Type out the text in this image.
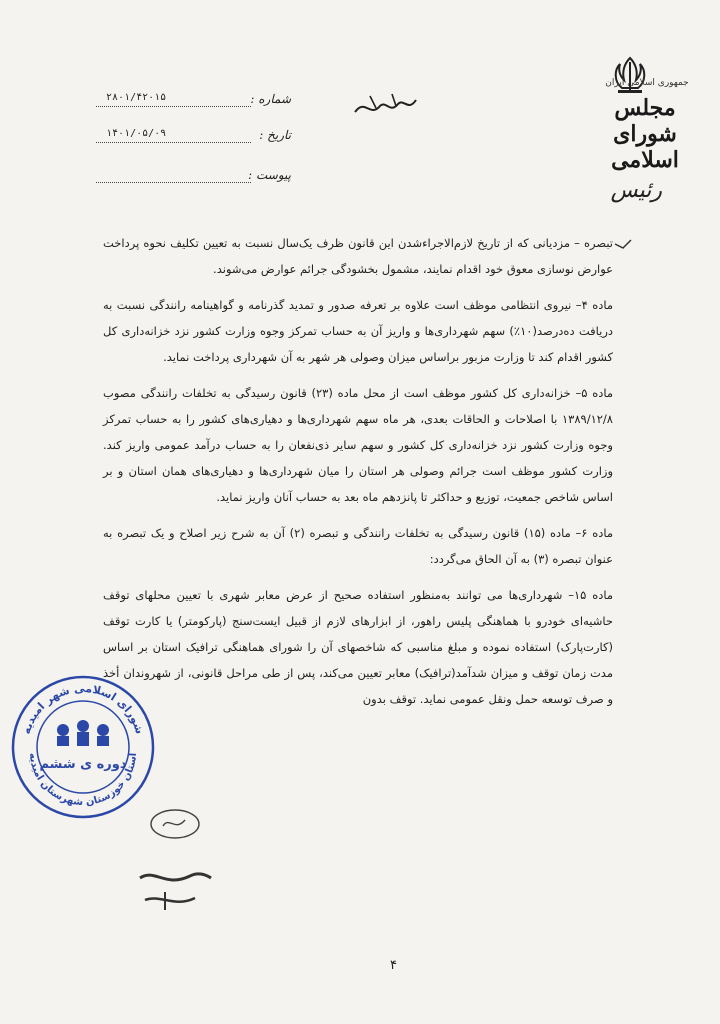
جمهوری اسلامی ایران
مجلس شورای اسلامی
رئیس
شماره :
۲۸۰۱/۴۲۰۱۵
تاریخ :
۱۴۰۱/۰۵/۰۹
پیوست :

تبصره – مزدیانی که از تاریخ لازم‌الاجراءشدن این قانون ظرف یک‌سال نسبت به تعیین تکلیف نحوه پرداخت عوارض نوسازی معوق خود اقدام نمایند، مشمول بخشودگی جرائم عوارض می‌شوند.

ماده ۴– نیروی انتظامی موظف است علاوه بر تعرفه صدور و تمدید گذرنامه و گواهینامه رانندگی نسبت به دریافت ده‌درصد(۱۰٪) سهم شهرداری‌ها و واریز آن به حساب تمرکز وجوه وزارت کشور نزد خزانه‌داری کل کشور اقدام کند تا وزارت مزبور براساس میزان وصولی هر شهر به آن شهرداری پرداخت نماید.

ماده ۵– خزانه‌داری کل کشور موظف است از محل ماده (۲۳) قانون رسیدگی به تخلفات رانندگی مصوب ۱۳۸۹/۱۲/۸ با اصلاحات و الحاقات بعدی، هر ماه سهم شهرداری‌ها و دهیاری‌های کشور را به حساب تمرکز وجوه وزارت کشور نزد خزانه‌داری کل کشور و سهم سایر ذی‌نفعان را به حساب درآمد عمومی واریز کند. وزارت کشور موظف است جرائم وصولی هر استان را میان شهرداری‌ها و دهیاری‌های همان استان و بر اساس شاخص جمعیت، توزیع و حداکثر تا پانزدهم ماه بعد به حساب آنان واریز نماید.

ماده ۶– ماده (۱۵) قانون رسیدگی به تخلفات رانندگی و تبصره (۲) آن به شرح زیر اصلاح و یک تبصره به عنوان تبصره (۳) به آن الحاق می‌گردد:

ماده ۱۵– شهرداری‌ها می توانند به‌منظور استفاده صحیح از عرض معابر شهری با تعیین محلهای توقف حاشیه‌ای خودرو با هماهنگی پلیس راهور، از ابزارهای لازم از قبیل ایست‌سنج (پارکومتر) یا کارت توقف (کارت‌پارک) استفاده نموده و مبلغ مناسبی که شاخصهای آن را شورای هماهنگی ترافیک استان بر اساس مدت زمان توقف و میزان شدآمد(ترافیک) معابر تعیین می‌کند، پس از طی مراحل قانونی، از شهروندان أخذ و صرف توسعه حمل ونقل عمومی نماید. توقف بدون

شورای اسلامی شهر امیدیه
استان خوزستان شهرستان امیدیه
دوره ی ششم
۴
